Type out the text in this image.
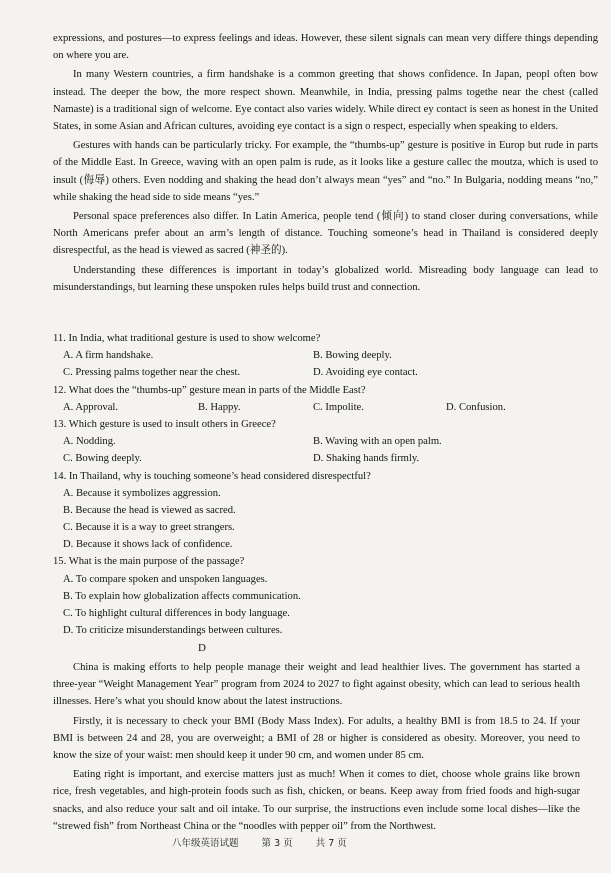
expressions, and postures—to express feelings and ideas. However, these silent signals can mean very differe things depending on where you are.

In many Western countries, a firm handshake is a common greeting that shows confidence. In Japan, peopl often bow instead. The deeper the bow, the more respect shown. Meanwhile, in India, pressing palms togethe near the chest (called Namaste) is a traditional sign of welcome. Eye contact also varies widely. While direct ey contact is seen as honest in the United States, in some Asian and African cultures, avoiding eye contact is a sign o respect, especially when speaking to elders.

Gestures with hands can be particularly tricky. For example, the “thumbs-up” gesture is positive in Europ but rude in parts of the Middle East. In Greece, waving with an open palm is rude, as it looks like a gesture callec the moutza, which is used to insult (侮辱) others. Even nodding and shaking the head don’t always mean “yes” and “no.” In Bulgaria, nodding means “no,” while shaking the head side to side means “yes.”

Personal space preferences also differ. In Latin America, people tend (倾向) to stand closer during conversations, while North Americans prefer about an arm’s length of distance. Touching someone’s head in Thailand is considered deeply disrespectful, as the head is viewed as sacred (神圣的).

Understanding these differences is important in today’s globalized world. Misreading body language can lead to misunderstandings, but learning these unspoken rules helps build trust and connection.

11. In India, what traditional gesture is used to show welcome?
A. A firm handshake.	B. Bowing deeply.
C. Pressing palms together near the chest.	D. Avoiding eye contact.
12. What does the “thumbs-up” gesture mean in parts of the Middle East?
A. Approval.	B. Happy.	C. Impolite.	D. Confusion.
13. Which gesture is used to insult others in Greece?
A. Nodding.	B. Waving with an open palm.
C. Bowing deeply.	D. Shaking hands firmly.
14. In Thailand, why is touching someone’s head considered disrespectful?
A. Because it symbolizes aggression.
B. Because the head is viewed as sacred.
C. Because it is a way to greet strangers.
D. Because it shows lack of confidence.
15. What is the main purpose of the passage?
A. To compare spoken and unspoken languages.
B. To explain how globalization affects communication.
C. To highlight cultural differences in body language.
D. To criticize misunderstandings between cultures.
D

China is making efforts to help people manage their weight and lead healthier lives. The government has started a three-year “Weight Management Year” program from 2024 to 2027 to fight against obesity, which can lead to serious health illnesses. Here’s what you should know about the latest instructions.

Firstly, it is necessary to check your BMI (Body Mass Index). For adults, a healthy BMI is from 18.5 to 24. If your BMI is between 24 and 28, you are overweight; a BMI of 28 or higher is considered as obesity. Moreover, you need to know the size of your waist: men should keep it under 90 cm, and women under 85 cm.

Eating right is important, and exercise matters just as much! When it comes to diet, choose whole grains like brown rice, fresh vegetables, and high-protein foods such as fish, chicken, or beans. Keep away from fried foods and high-sugar snacks, and also reduce your salt and oil intake. To our surprise, the instructions even include some local dishes—like the “strewed fish” from Northeast China or the “noodles with pepper oil” from the Northwest.

八年级英语试题 第 3 页 共 7 页
